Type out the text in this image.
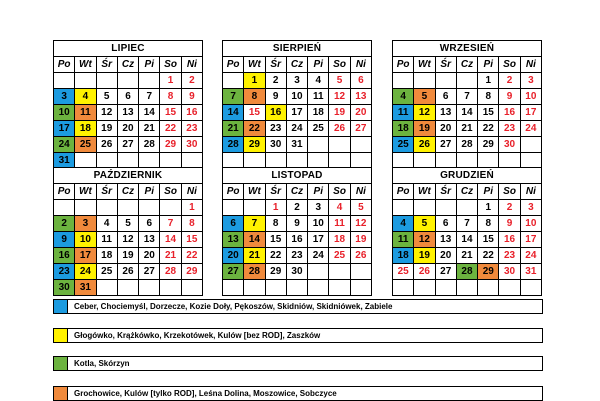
LIPIEC						
Po	Wt	Śr	Cz	Pi	So	Ni
					1	2
3	4	5	6	7	8	9
10	11	12	13	14	15	16
17	18	19	20	21	22	23
24	25	26	27	28	29	30
31						
SIERPIEŃ						
Po	Wt	Śr	Cz	Pi	So	Ni
	1	2	3	4	5	6
7	8	9	10	11	12	13
14	15	16	17	18	19	20
21	22	23	24	25	26	27
28	29	30	31			

WRZESIEŃ						
Po	Wt	Śr	Cz	Pi	So	Ni
				1	2	3
4	5	6	7	8	9	10
11	12	13	14	15	16	17
18	19	20	21	22	23	24
25	26	27	28	29	30	

PAŹDZIERNIK						
Po	Wt	Śr	Cz	Pi	So	Ni
						1
2	3	4	5	6	7	8
9	10	11	12	13	14	15
16	17	18	19	20	21	22
23	24	25	26	27	28	29
30	31					
LISTOPAD						
Po	Wt	Śr	Cz	Pi	So	Ni
		1	2	3	4	5
6	7	8	9	10	11	12
13	14	15	16	17	18	19
20	21	22	23	24	25	26
27	28	29	30			

GRUDZIEŃ						
Po	Wt	Śr	Cz	Pi	So	Ni
				1	2	3
4	5	6	7	8	9	10
11	12	13	14	15	16	17
18	19	20	21	22	23	24
25	26	27	28	29	30	31

Ceber, Chociemyśl, Dorzecze, Kozie Doły, Pękoszów, Skidniów, Skidniówek, Zabiele
Głogówko, Krążkówko, Krzekotówek, Kulów [bez ROD], Zaszków
Kotla, Skórzyn
Grochowice, Kulów [tylko ROD], Leśna Dolina, Moszowice, Sobczyce
